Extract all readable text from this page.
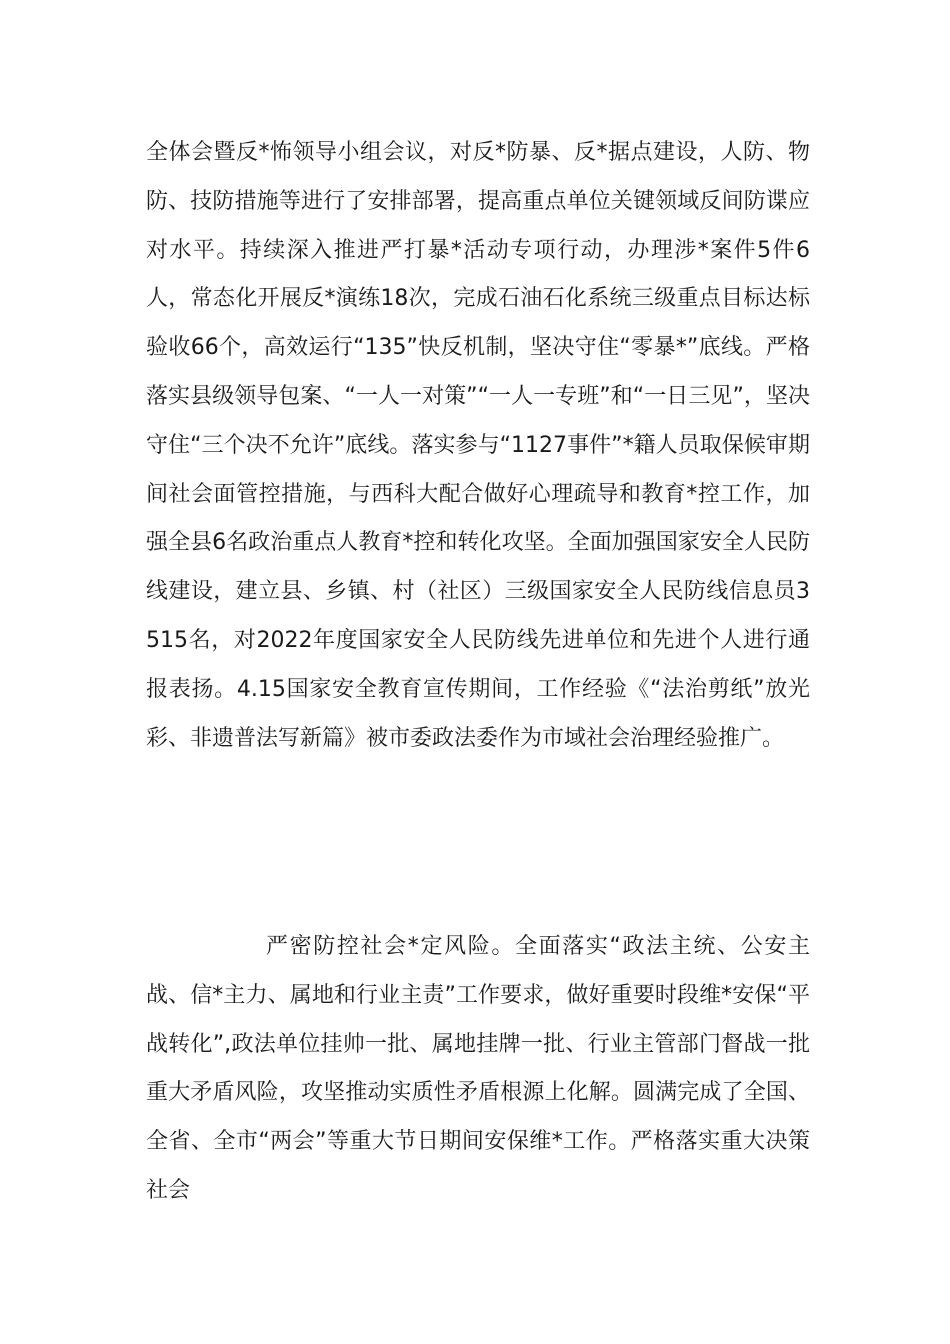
全体会暨反*怖领导小组会议，对反*防暴、反*据点建设，人防、物防、技防措施等进行了安排部署，提高重点单位关键领域反间防谍应对水平。持续深入推进严打暴*活动专项行动，办理涉*案件5件6人，常态化开展反*演练18次，完成石油石化系统三级重点目标达标验收66个，高效运行“135”快反机制，坚决守住“零暴*”底线。严格落实县级领导包案、“一人一对策”“一人一专班”和“一日三见”，坚决守住“三个决不允许”底线。落实参与“1127事件”*籍人员取保候审期间社会面管控措施，与西科大配合做好心理疏导和教育*控工作，加强全县6名政治重点人教育*控和转化攻坚。全面加强国家安全人民防线建设，建立县、乡镇、村（社区）三级国家安全人民防线信息员3515名，对2022年度国家安全人民防线先进单位和先进个人进行通报表扬。4.15国家安全教育宣传期间，工作经验《“法治剪纸”放光彩、非遗普法写新篇》被市委政法委作为市域社会治理经验推广。

严密防控社会*定风险。全面落实“政法主统、公安主战、信*主力、属地和行业主责”工作要求，做好重要时段维*安保“平战转化”,政法单位挂帅一批、属地挂牌一批、行业主管部门督战一批重大矛盾风险，攻坚推动实质性矛盾根源上化解。圆满完成了全国、全省、全市“两会”等重大节日期间安保维*工作。严格落实重大决策社会
